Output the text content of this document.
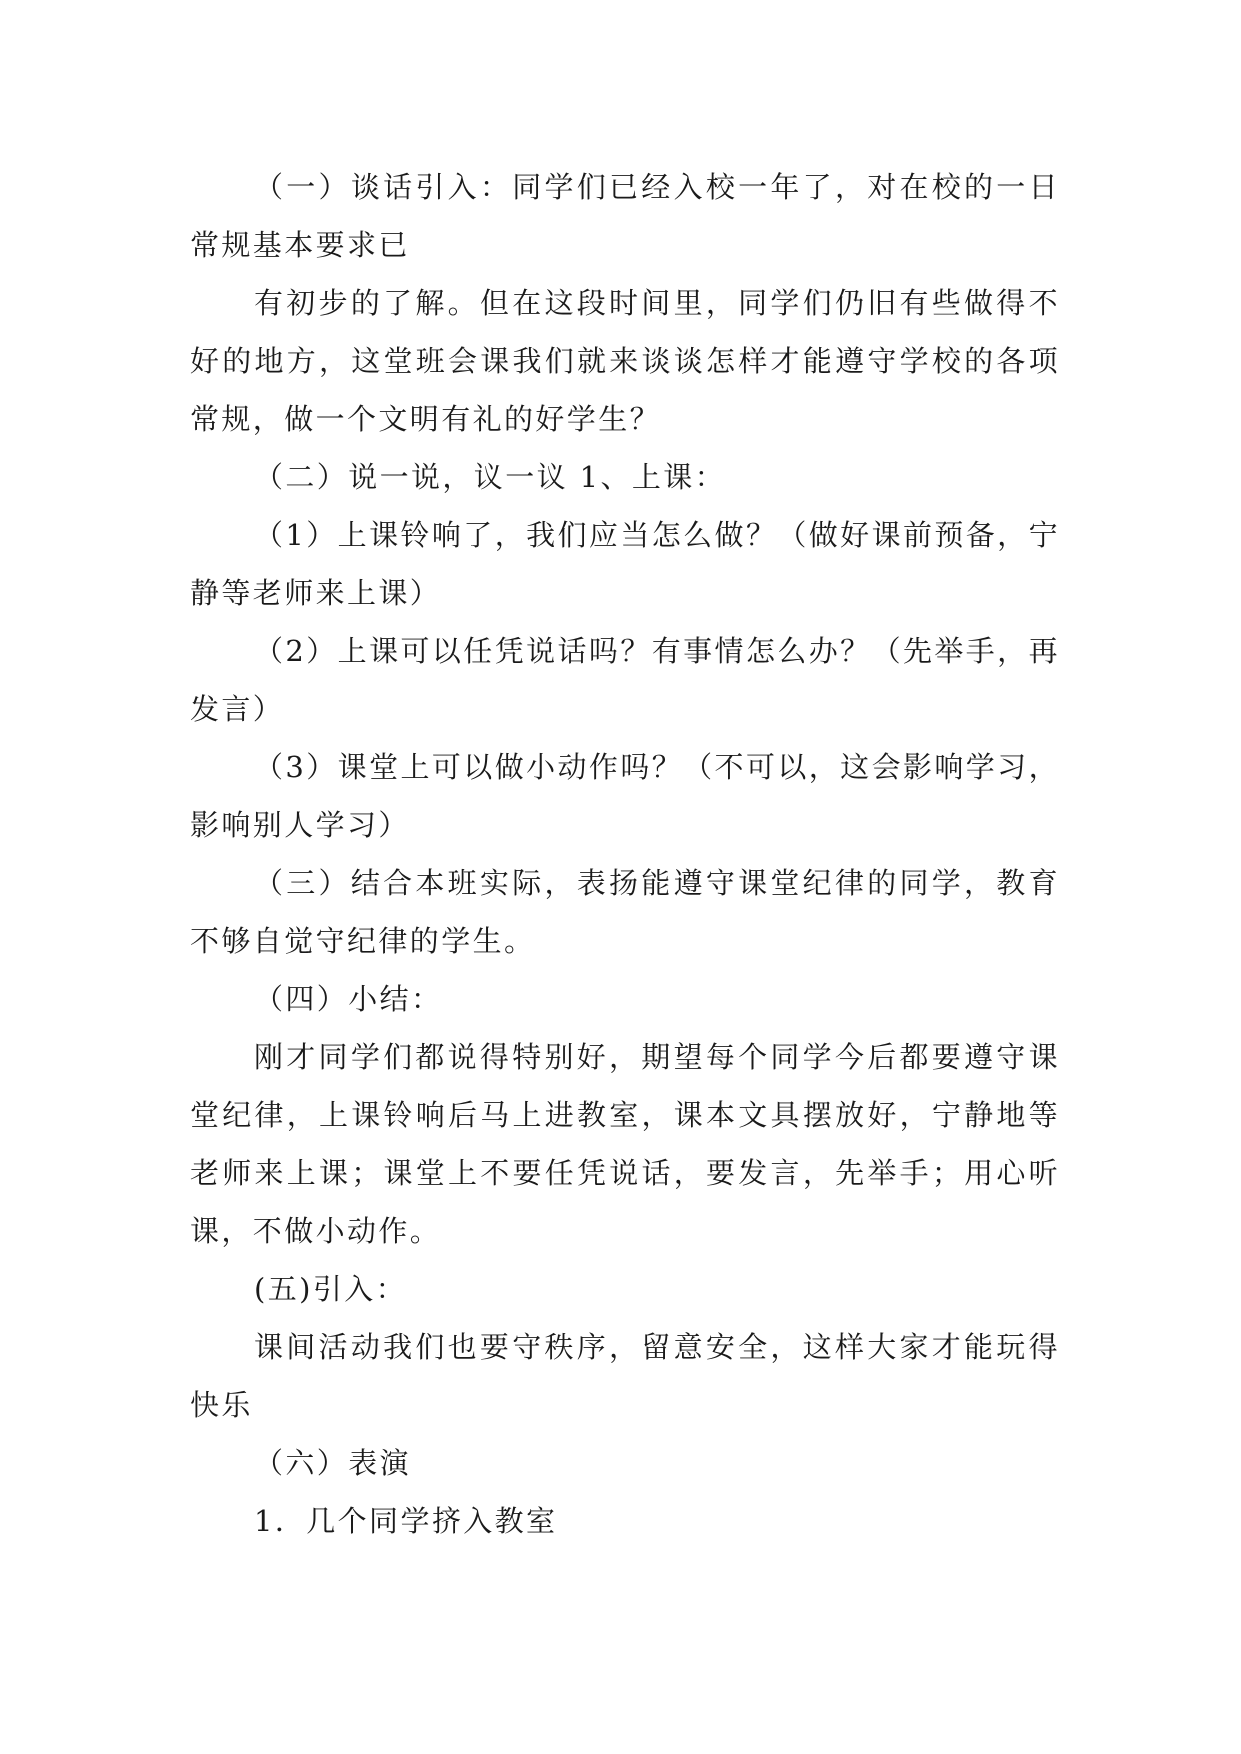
（一）谈话引入：同学们已经入校一年了，对在校的一日常规基本要求已

有初步的了解。但在这段时间里，同学们仍旧有些做得不好的地方，这堂班会课我们就来谈谈怎样才能遵守学校的各项常规，做一个文明有礼的好学生？

（二）说一说，议一议 1、上课：

（1）上课铃响了，我们应当怎么做？（做好课前预备，宁静等老师来上课）

（2）上课可以任凭说话吗？有事情怎么办？（先举手，再发言）

（3）课堂上可以做小动作吗？（不可以，这会影响学习，影响别人学习）

（三）结合本班实际，表扬能遵守课堂纪律的同学，教育不够自觉守纪律的学生。

（四）小结：

刚才同学们都说得特别好，期望每个同学今后都要遵守课堂纪律，上课铃响后马上进教室，课本文具摆放好，宁静地等老师来上课；课堂上不要任凭说话，要发言，先举手；用心听课，不做小动作。

(五)引入：

课间活动我们也要守秩序，留意安全，这样大家才能玩得快乐

（六）表演

1．几个同学挤入教室
